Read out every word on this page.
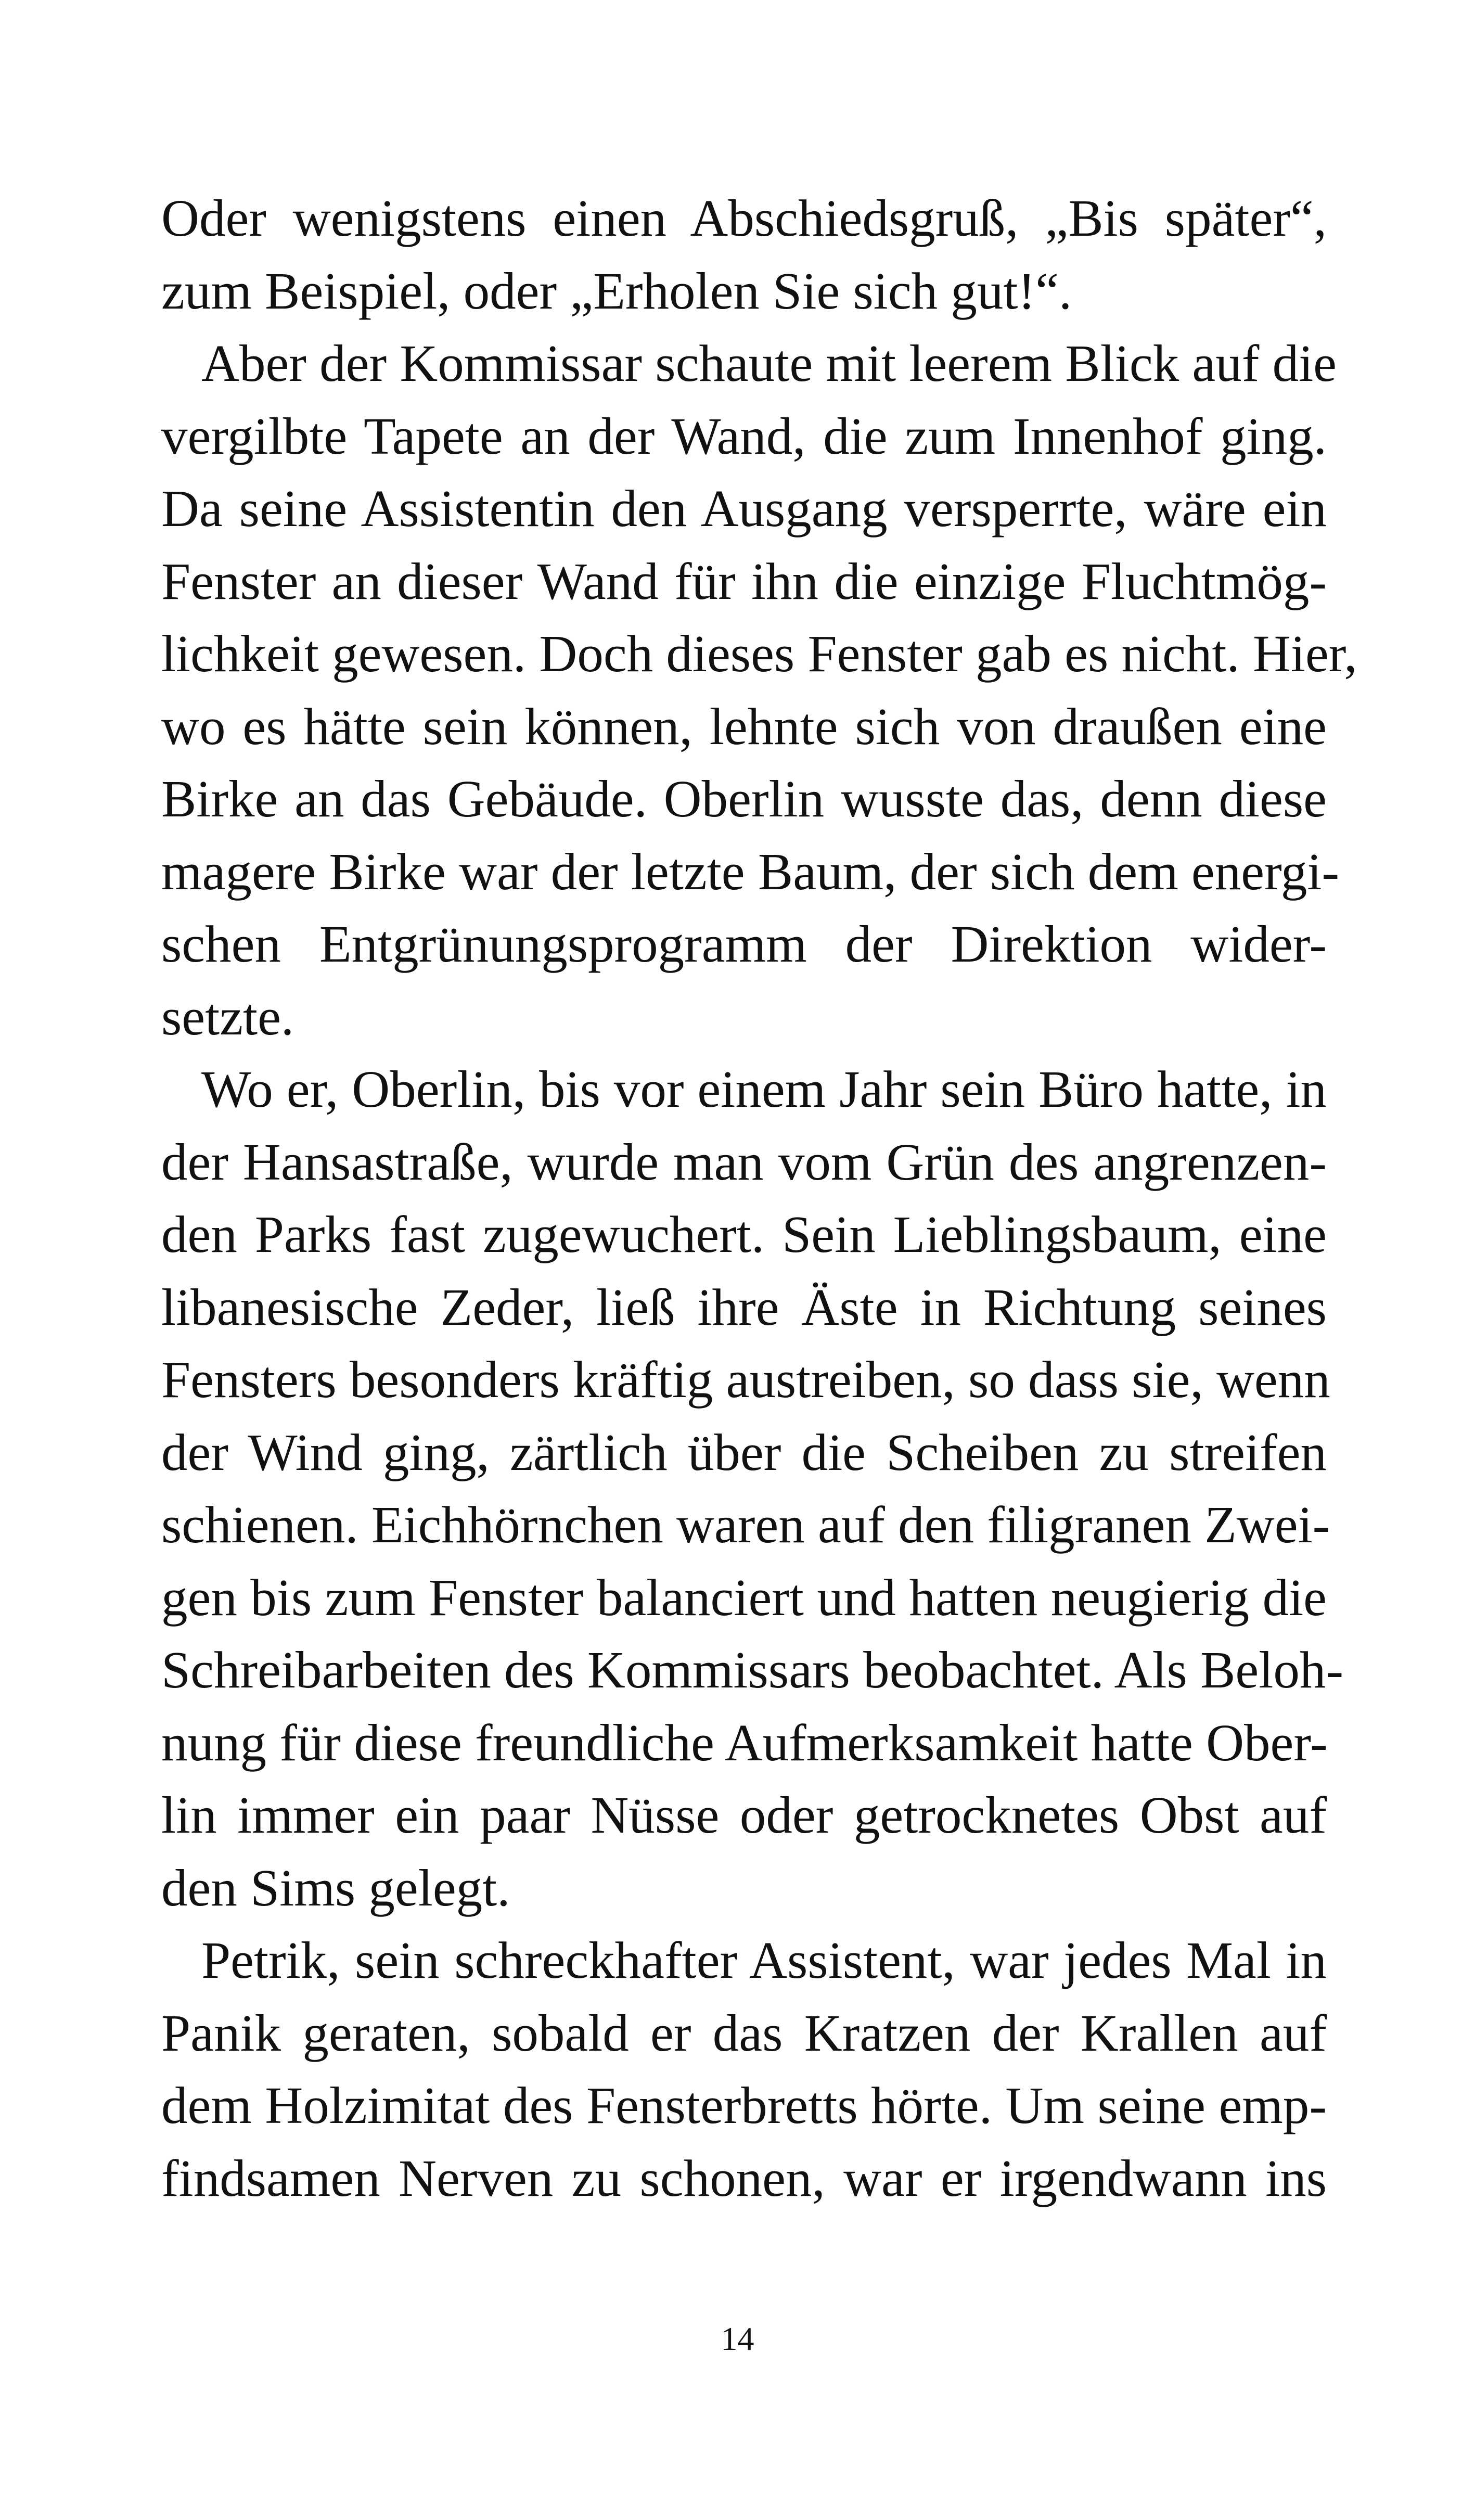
Oder wenigstens einen Abschiedsgruß, „Bis später“,
zum Beispiel, oder „Erholen Sie sich gut!“.
Aber der Kommissar schaute mit leerem Blick auf die
vergilbte Tapete an der Wand, die zum Innenhof ging.
Da seine Assistentin den Ausgang versperrte, wäre ein
Fenster an dieser Wand für ihn die einzige Fluchtmög-
lichkeit gewesen. Doch dieses Fenster gab es nicht. Hier,
wo es hätte sein können, lehnte sich von draußen eine
Birke an das Gebäude. Oberlin wusste das, denn diese
magere Birke war der letzte Baum, der sich dem energi-
schen Entgrünungsprogramm der Direktion wider-
setzte.
Wo er, Oberlin, bis vor einem Jahr sein Büro hatte, in
der Hansastraße, wurde man vom Grün des angrenzen-
den Parks fast zugewuchert. Sein Lieblingsbaum, eine
libanesische Zeder, ließ ihre Äste in Richtung seines
Fensters besonders kräftig austreiben, so dass sie, wenn
der Wind ging, zärtlich über die Scheiben zu streifen
schienen. Eichhörnchen waren auf den filigranen Zwei-
gen bis zum Fenster balanciert und hatten neugierig die
Schreibarbeiten des Kommissars beobachtet. Als Beloh-
nung für diese freundliche Aufmerksamkeit hatte Ober-
lin immer ein paar Nüsse oder getrocknetes Obst auf
den Sims gelegt.
Petrik, sein schreckhafter Assistent, war jedes Mal in
Panik geraten, sobald er das Kratzen der Krallen auf
dem Holzimitat des Fensterbretts hörte. Um seine emp-
findsamen Nerven zu schonen, war er irgendwann ins
14
